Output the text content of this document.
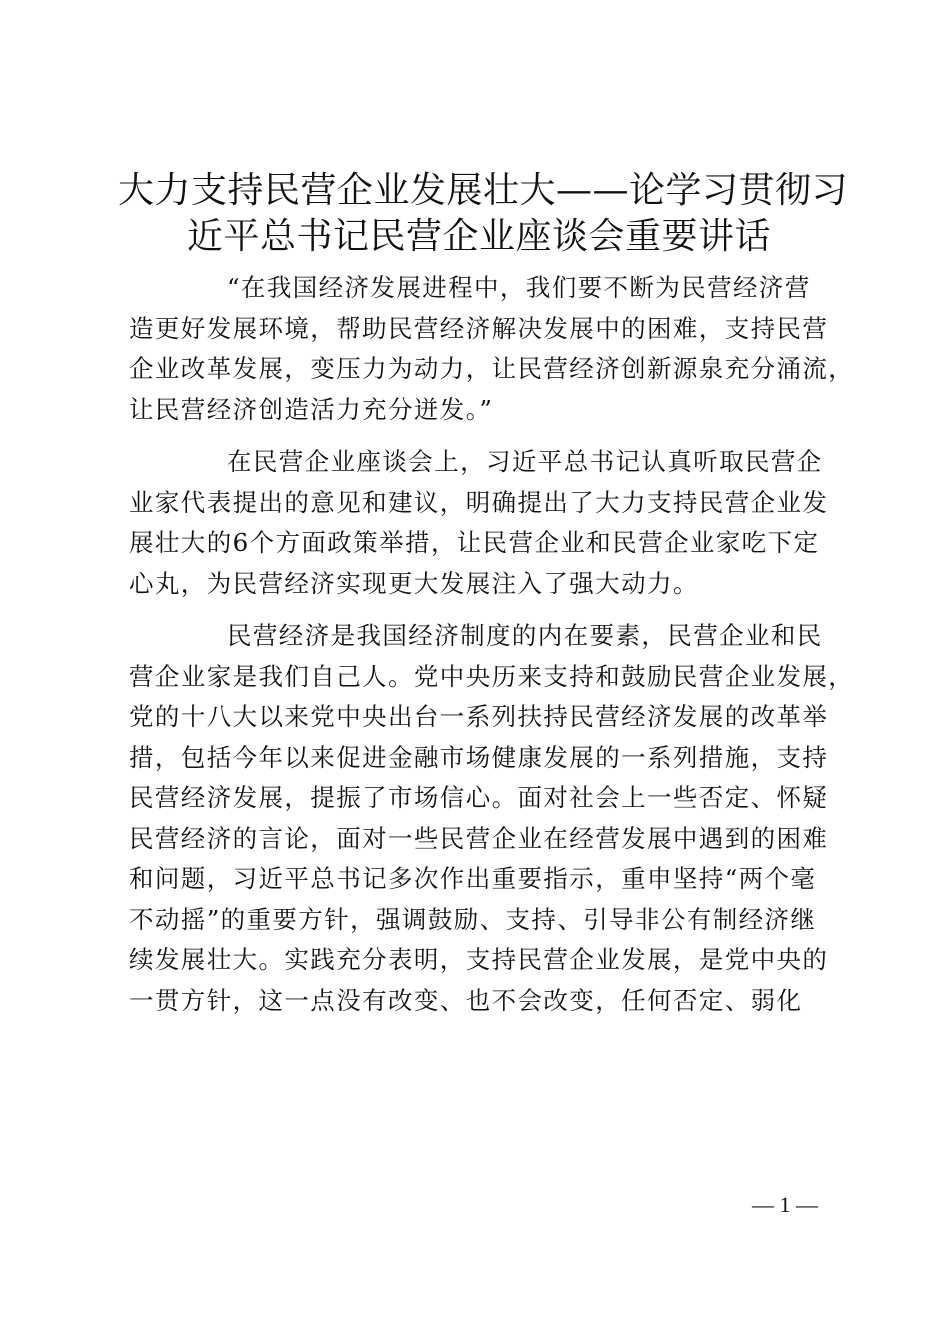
大力支持民营企业发展壮大——论学习贯彻习
近平总书记民营企业座谈会重要讲话

“在我国经济发展进程中，我们要不断为民营经济营
造更好发展环境，帮助民营经济解决发展中的困难，支持民营
企业改革发展，变压力为动力，让民营经济创新源泉充分涌流，
让民营经济创造活力充分迸发。”

在民营企业座谈会上，习近平总书记认真听取民营企
业家代表提出的意见和建议，明确提出了大力支持民营企业发
展壮大的6个方面政策举措，让民营企业和民营企业家吃下定
心丸，为民营经济实现更大发展注入了强大动力。

民营经济是我国经济制度的内在要素，民营企业和民
营企业家是我们自己人。党中央历来支持和鼓励民营企业发展，
党的十八大以来党中央出台一系列扶持民营经济发展的改革举
措，包括今年以来促进金融市场健康发展的一系列措施，支持
民营经济发展，提振了市场信心。面对社会上一些否定、怀疑
民营经济的言论，面对一些民营企业在经营发展中遇到的困难
和问题，习近平总书记多次作出重要指示，重申坚持“两个毫
不动摇”的重要方针，强调鼓励、支持、引导非公有制经济继
续发展壮大。实践充分表明，支持民营企业发展，是党中央的
一贯方针，这一点没有改变、也不会改变，任何否定、弱化

— 1 —
